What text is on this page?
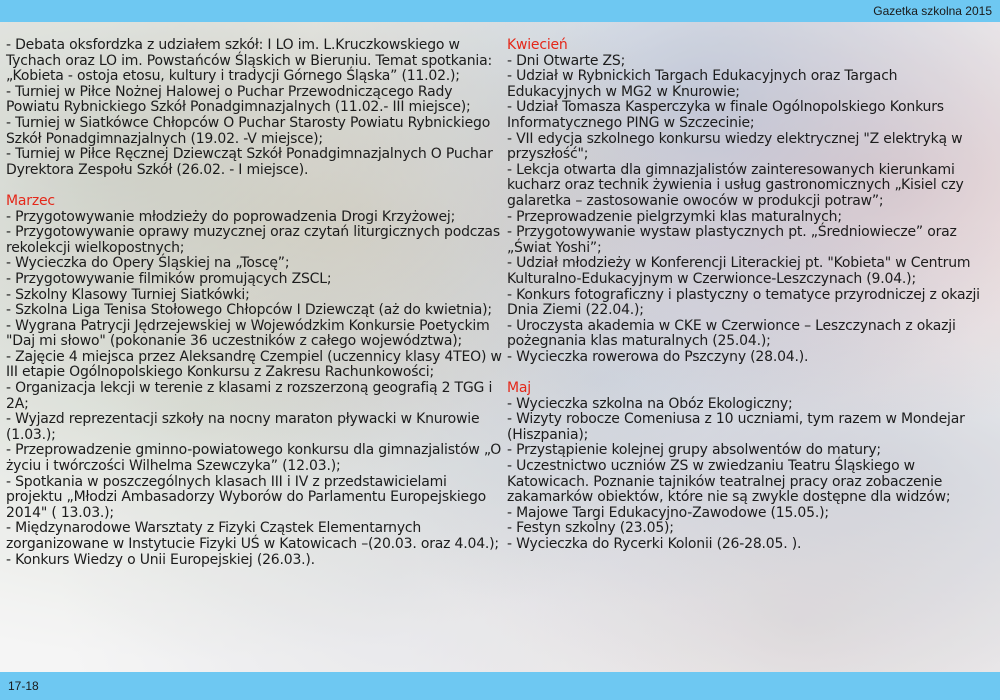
Gazetka szkolna 2015
- Debata oksfordzka z udziałem szkół: I LO im. L.Kruczkowskiego w Tychach oraz LO im. Powstańców Śląskich w Bieruniu. Temat spotkania: „Kobieta - ostoja etosu, kultury i tradycji Górnego Śląska” (11.02.);
- Turniej w Piłce Nożnej Halowej o Puchar Przewodniczącego Rady Powiatu Rybnickiego Szkół Ponadgimnazjalnych (11.02.- III miejsce);
- Turniej w Siatkówce Chłopców O Puchar Starosty Powiatu Rybnickiego Szkół Ponadgimnazjalnych (19.02. -V miejsce);
- Turniej w Piłce Ręcznej Dziewcząt Szkół Ponadgimnazjalnych O Puchar Dyrektora Zespołu Szkół (26.02. - I miejsce).
Marzec
- Przygotowywanie młodzieży do poprowadzenia Drogi Krzyżowej;
- Przygotowywanie oprawy muzycznej oraz czytań liturgicznych podczas rekolekcji wielkopostnych;
- Wycieczka do Opery Śląskiej na „Toscę”;
- Przygotowywanie filmików promujących ZSCL;
- Szkolny Klasowy Turniej Siatkówki;
- Szkolna Liga Tenisa Stołowego Chłopców I Dziewcząt (aż do kwietnia);
- Wygrana Patrycji Jędrzejewskiej w Wojewódzkim Konkursie Poetyckim "Daj mi słowo" (pokonanie 36 uczestników z całego województwa);
- Zajęcie 4 miejsca przez Aleksandrę Czempiel (uczennicy klasy 4TEO) w III etapie Ogólnopolskiego Konkursu z Zakresu Rachunkowości;
- Organizacja lekcji w terenie z klasami z rozszerzoną geografią 2 TGG i 2A;
- Wyjazd reprezentacji szkoły na nocny maraton pływacki w Knurowie (1.03.);
- Przeprowadzenie gminno-powiatowego konkursu dla gimnazjalistów „O życiu i twórczości Wilhelma Szewczyka” (12.03.);
- Spotkania w poszczególnych klasach III i IV z przedstawicielami projektu „Młodzi Ambasadorzy Wyborów do Parlamentu Europejskiego 2014" ( 13.03.);
- Międzynarodowe Warsztaty z Fizyki Cząstek Elementarnych zorganizowane w Instytucie Fizyki UŚ w Katowicach –(20.03. oraz 4.04.);
- Konkurs Wiedzy o Unii Europejskiej (26.03.).
Kwiecień
- Dni Otwarte ZS;
- Udział w Rybnickich Targach Edukacyjnych oraz Targach Edukacyjnych w MG2 w Knurowie;
- Udział Tomasza Kasperczyka w finale Ogólnopolskiego Konkurs Informatycznego PING w Szczecinie;
- VII edycja szkolnego konkursu wiedzy elektrycznej "Z elektryką w przyszłość";
- Lekcja otwarta dla gimnazjalistów zainteresowanych kierunkami kucharz oraz technik żywienia i usług gastronomicznych „Kisiel czy galaretka – zastosowanie owoców w produkcji potraw”;
- Przeprowadzenie pielgrzymki klas maturalnych;
- Przygotowywanie wystaw plastycznych pt. „Średniowiecze” oraz „Świat Yoshi”;
- Udział młodzieży w Konferencji Literackiej pt. "Kobieta" w Centrum Kulturalno-Edukacyjnym w Czerwionce-Leszczynach (9.04.);
- Konkurs fotograficzny i plastyczny o tematyce przyrodniczej z okazji Dnia Ziemi (22.04.);
- Uroczysta akademia w CKE w Czerwionce – Leszczynach z okazji pożegnania klas maturalnych (25.04.);
- Wycieczka rowerowa do Pszczyny (28.04.).
Maj
- Wycieczka szkolna na Obóz Ekologiczny;
- Wizyty robocze Comeniusa z 10 uczniami, tym razem w Mondejar (Hiszpania);
- Przystąpienie kolejnej grupy absolwentów do matury;
- Uczestnictwo uczniów ZS w zwiedzaniu Teatru Śląskiego w Katowicach. Poznanie tajników teatralnej pracy oraz zobaczenie zakamarków obiektów, które nie są zwykle dostępne dla widzów;
- Majowe Targi Edukacyjno-Zawodowe (15.05.);
- Festyn szkolny (23.05);
- Wycieczka do Rycerki Kolonii (26-28.05. ).
17-18
